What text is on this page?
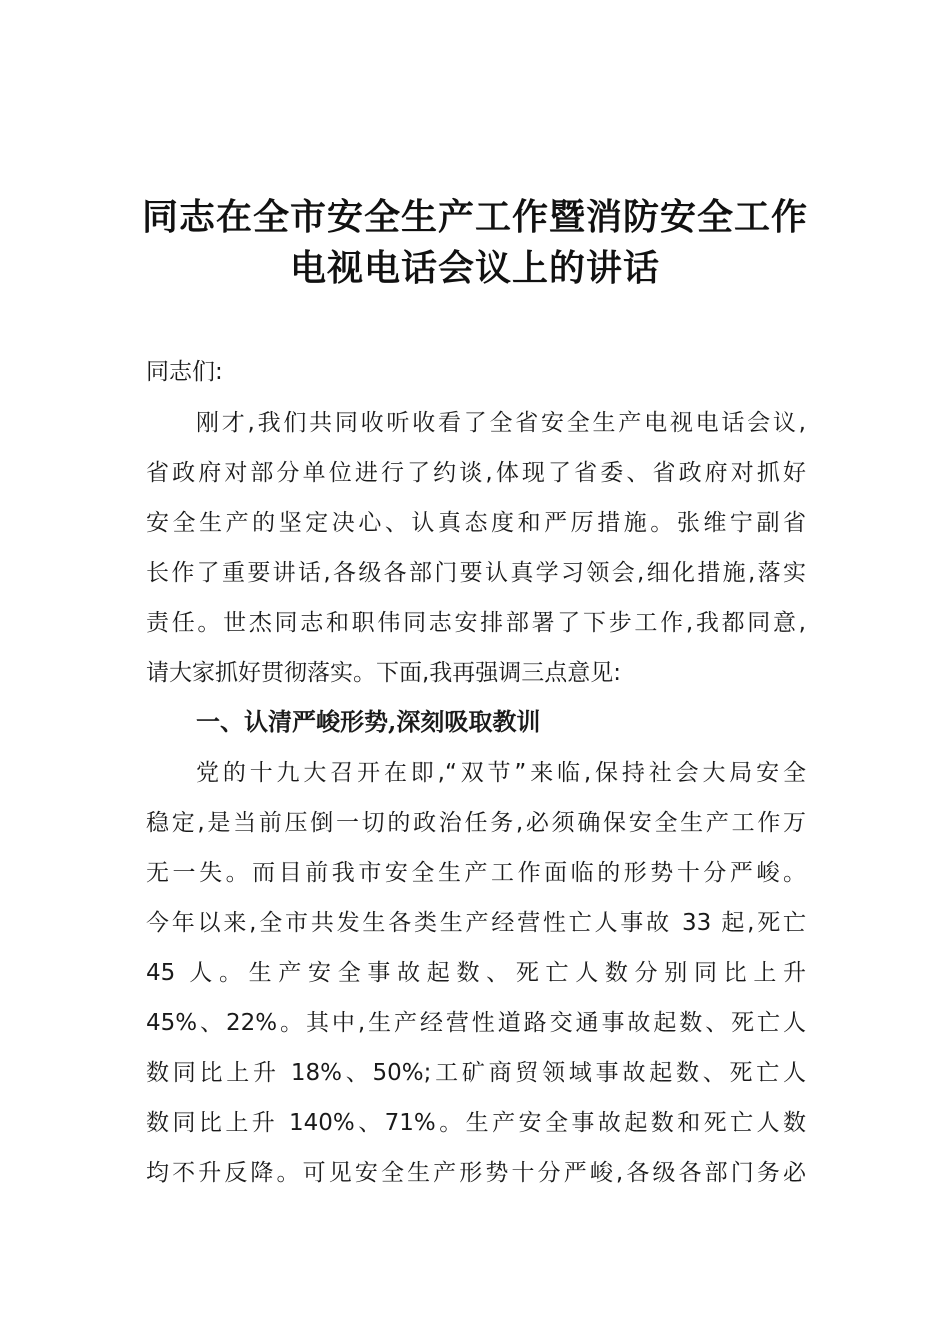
同志在全市安全生产工作暨消防安全工作
电视电话会议上的讲话
同志们:
刚才,我们共同收听收看了全省安全生产电视电话会议,
省政府对部分单位进行了约谈,体现了省委、省政府对抓好
安全生产的坚定决心、认真态度和严厉措施。张维宁副省
长作了重要讲话,各级各部门要认真学习领会,细化措施,落实
责任。世杰同志和职伟同志安排部署了下步工作,我都同意,
请大家抓好贯彻落实。下面,我再强调三点意见:
一、认清严峻形势,深刻吸取教训
党的十九大召开在即,“双节”来临,保持社会大局安全
稳定,是当前压倒一切的政治任务,必须确保安全生产工作万
无一失。而目前我市安全生产工作面临的形势十分严峻。
今年以来,全市共发生各类生产经营性亡人事故 33 起,死亡
45 人。生产安全事故起数、死亡人数分别同比上升
45%、22%。其中,生产经营性道路交通事故起数、死亡人
数同比上升 18%、50%;工矿商贸领域事故起数、死亡人
数同比上升 140%、71%。生产安全事故起数和死亡人数
均不升反降。可见安全生产形势十分严峻,各级各部门务必
